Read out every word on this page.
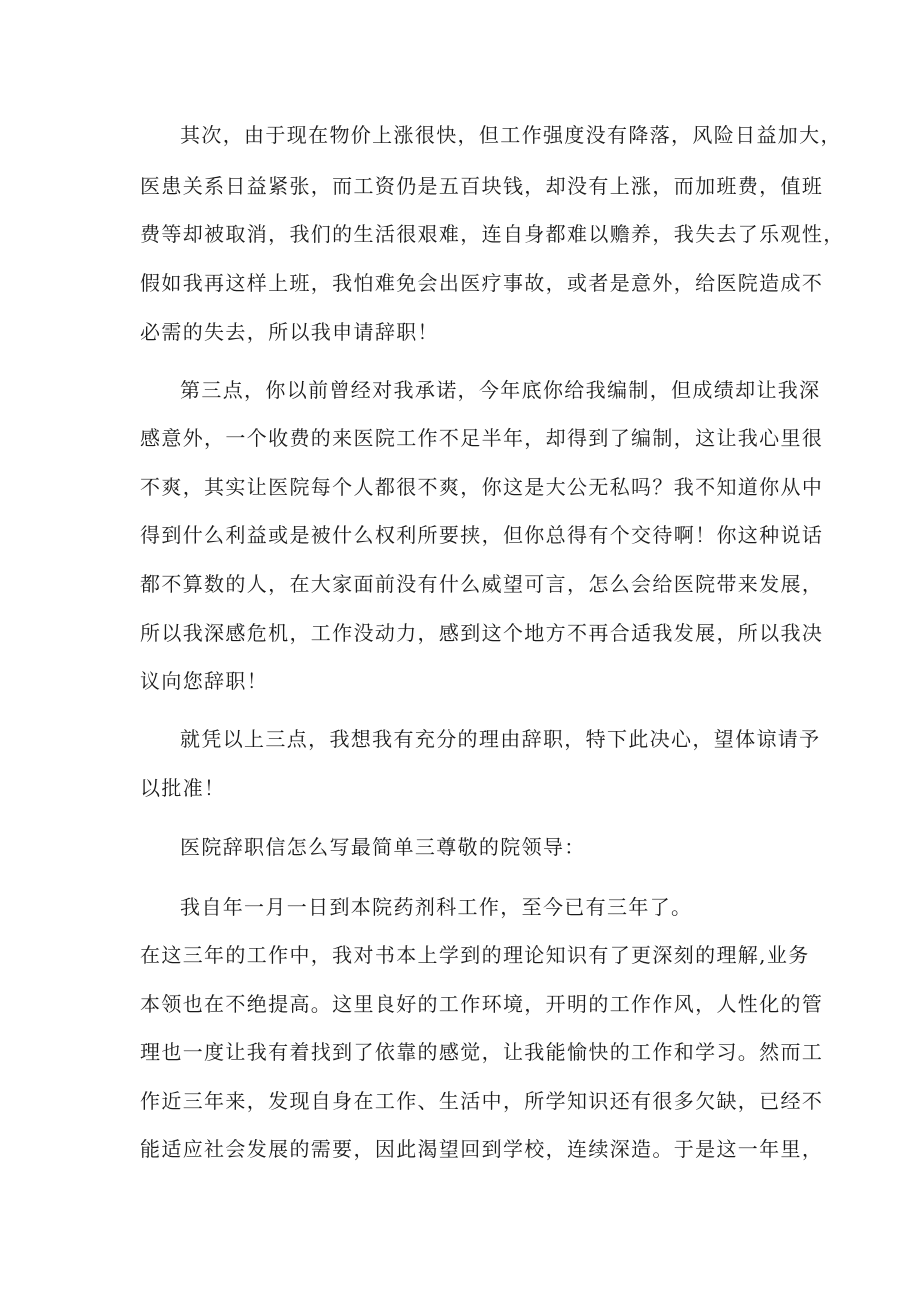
其次，由于现在物价上涨很快，但工作强度没有降落，风险日益加大，

医患关系日益紧张，而工资仍是五百块钱，却没有上涨，而加班费，值班

费等却被取消，我们的生活很艰难，连自身都难以赡养，我失去了乐观性，

假如我再这样上班，我怕难免会出医疗事故，或者是意外，给医院造成不

必需的失去，所以我申请辞职！

第三点，你以前曾经对我承诺，今年底你给我编制，但成绩却让我深

感意外，一个收费的来医院工作不足半年，却得到了编制，这让我心里很

不爽，其实让医院每个人都很不爽，你这是大公无私吗？我不知道你从中

得到什么利益或是被什么权利所要挟，但你总得有个交待啊！你这种说话

都不算数的人，在大家面前没有什么威望可言，怎么会给医院带来发展，

所以我深感危机，工作没动力，感到这个地方不再合适我发展，所以我决

议向您辞职！

就凭以上三点，我想我有充分的理由辞职，特下此决心，望体谅请予

以批准！

医院辞职信怎么写最简单三尊敬的院领导：

我自年一月一日到本院药剂科工作，至今已有三年了。

在这三年的工作中，我对书本上学到的理论知识有了更深刻的理解,业务

本领也在不绝提高。这里良好的工作环境，开明的工作作风，人性化的管

理也一度让我有着找到了依靠的感觉，让我能愉快的工作和学习。然而工

作近三年来，发现自身在工作、生活中，所学知识还有很多欠缺，已经不

能适应社会发展的需要，因此渴望回到学校，连续深造。于是这一年里，
